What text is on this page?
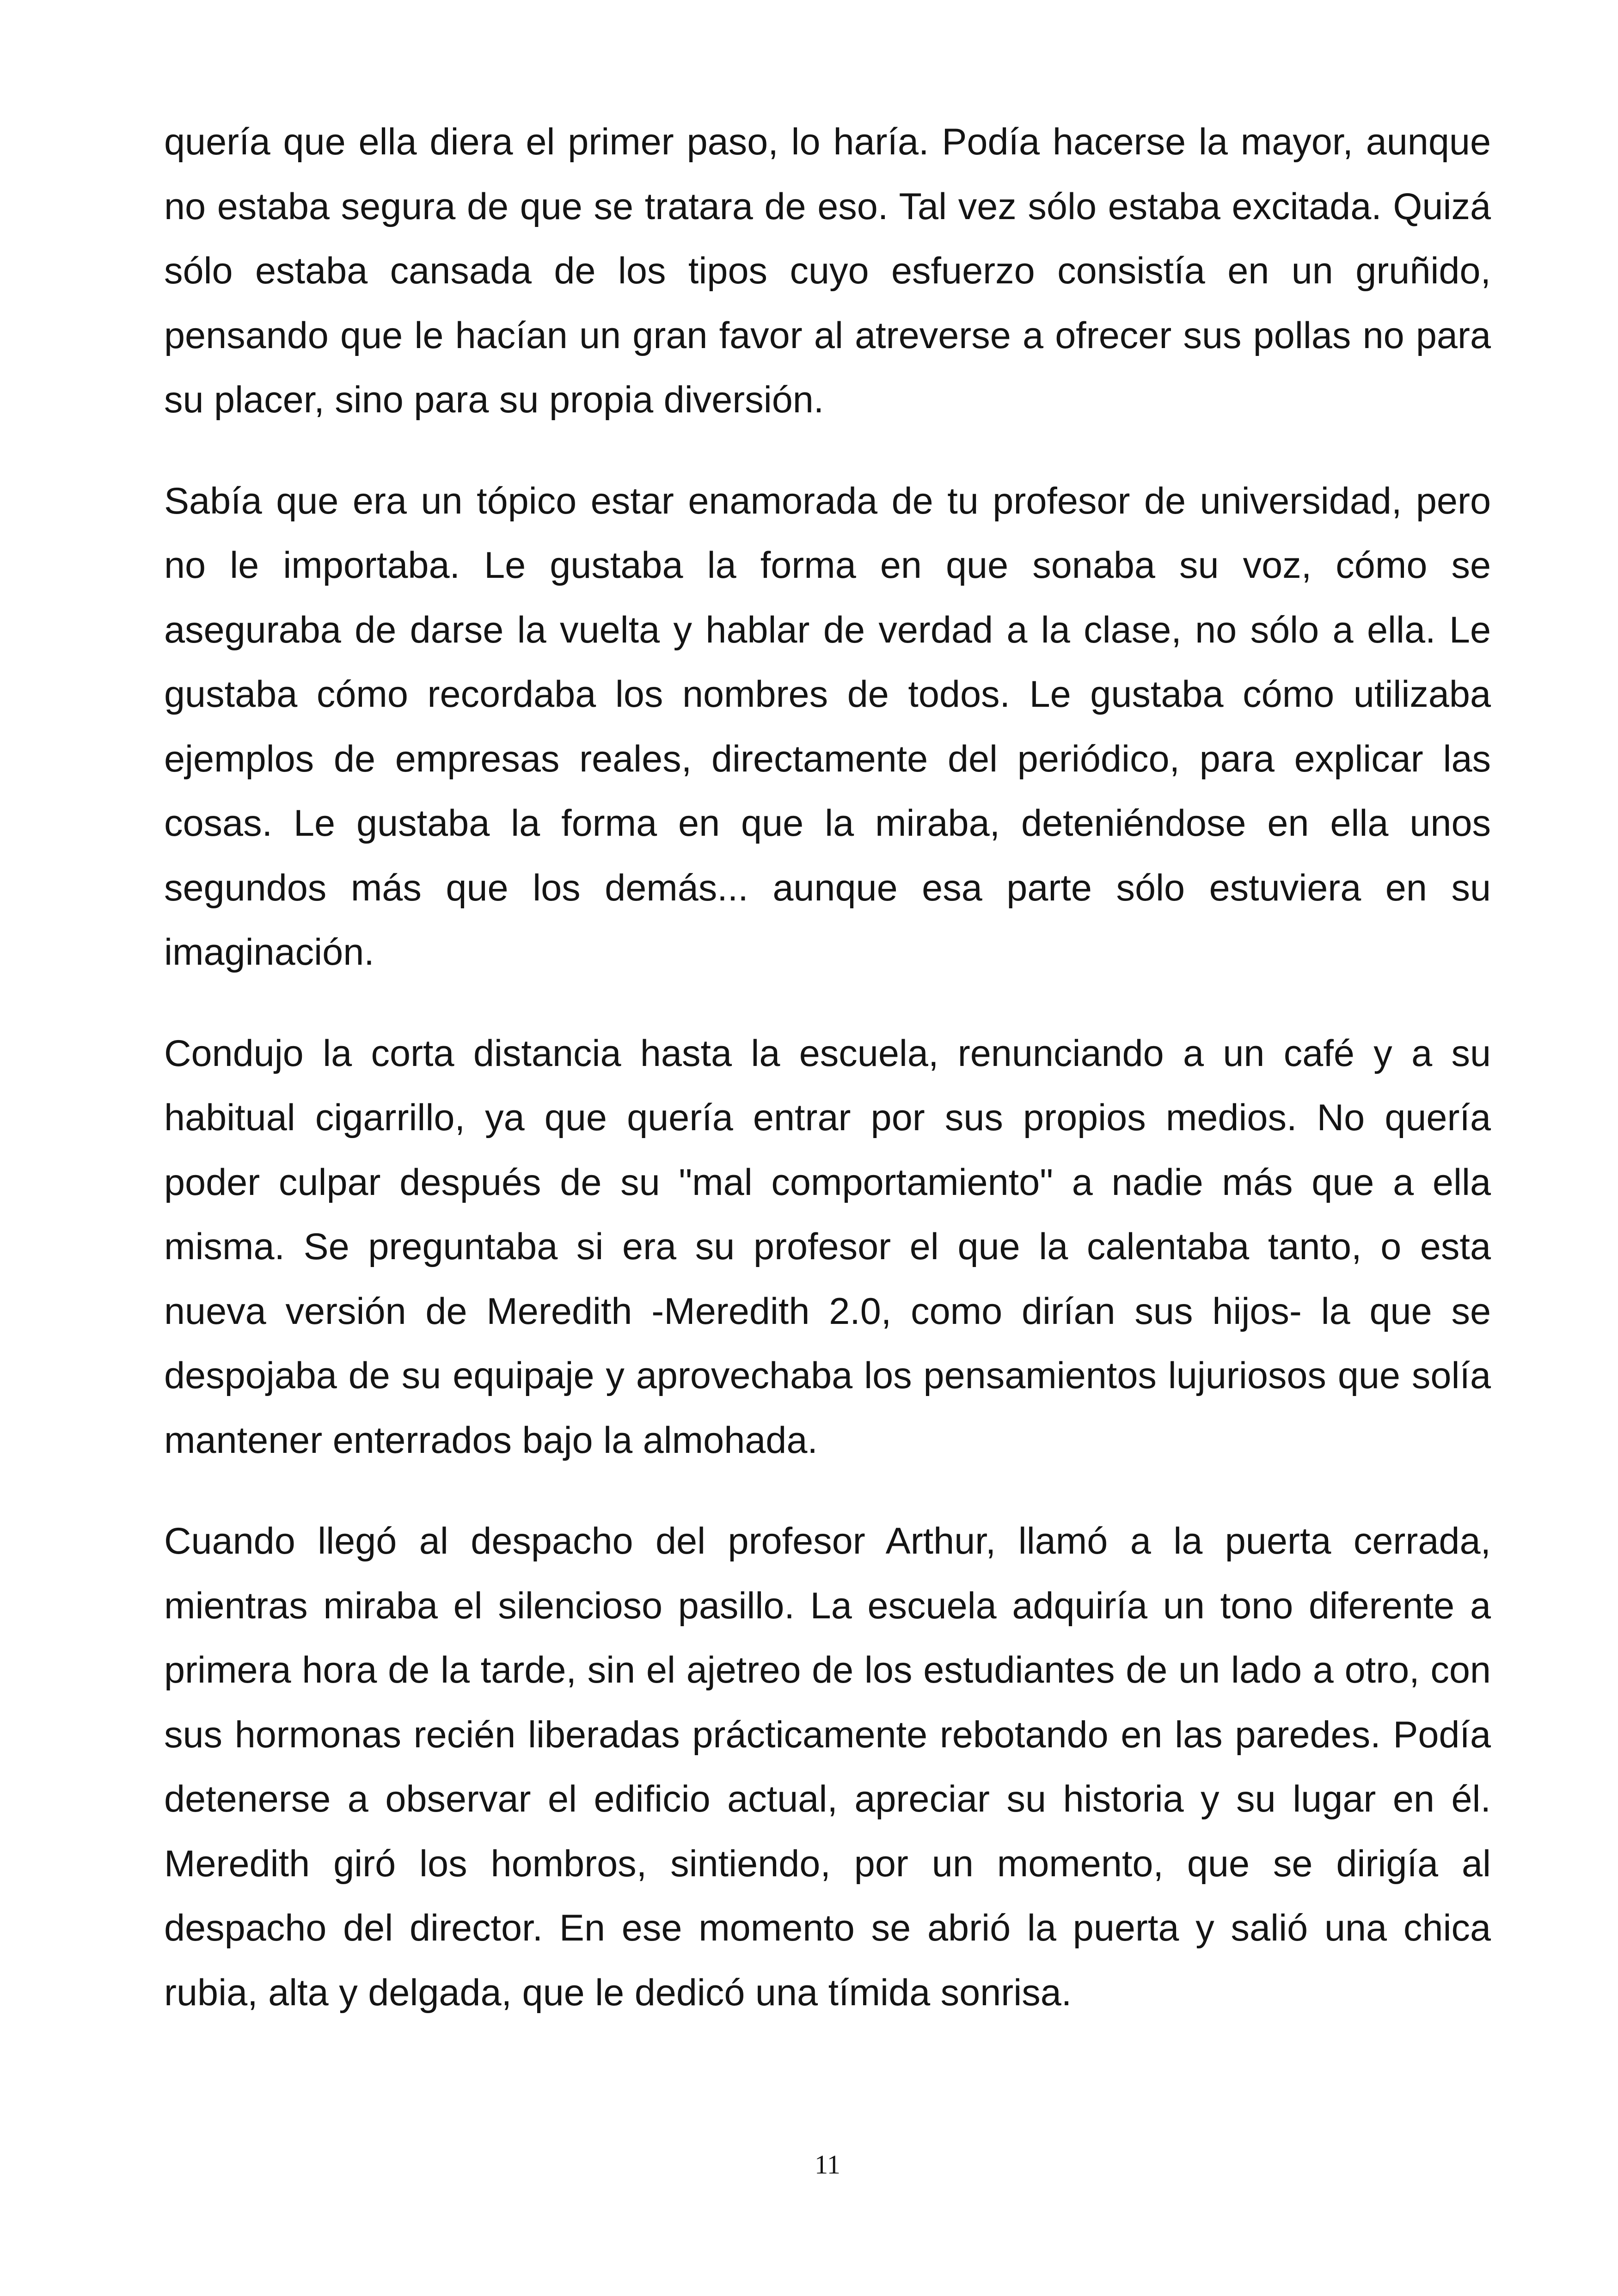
quería que ella diera el primer paso, lo haría. Podía hacerse la mayor, aunque no estaba segura de que se tratara de eso. Tal vez sólo estaba excitada. Quizá sólo estaba cansada de los tipos cuyo esfuerzo consistía en un gruñido, pensando que le hacían un gran favor al atreverse a ofrecer sus pollas no para su placer, sino para su propia diversión.

Sabía que era un tópico estar enamorada de tu profesor de universidad, pero no le importaba. Le gustaba la forma en que sonaba su voz, cómo se aseguraba de darse la vuelta y hablar de verdad a la clase, no sólo a ella. Le gustaba cómo recordaba los nombres de todos. Le gustaba cómo utilizaba ejemplos de empresas reales, directamente del periódico, para explicar las cosas. Le gustaba la forma en que la miraba, deteniéndose en ella unos segundos más que los demás... aunque esa parte sólo estuviera en su imaginación.

Condujo la corta distancia hasta la escuela, renunciando a un café y a su habitual cigarrillo, ya que quería entrar por sus propios medios. No quería poder culpar después de su "mal comportamiento" a nadie más que a ella misma. Se preguntaba si era su profesor el que la calentaba tanto, o esta nueva versión de Meredith -Meredith 2.0, como dirían sus hijos- la que se despojaba de su equipaje y aprovechaba los pensamientos lujuriosos que solía mantener enterrados bajo la almohada.

Cuando llegó al despacho del profesor Arthur, llamó a la puerta cerrada, mientras miraba el silencioso pasillo. La escuela adquiría un tono diferente a primera hora de la tarde, sin el ajetreo de los estudiantes de un lado a otro, con sus hormonas recién liberadas prácticamente rebotando en las paredes. Podía detenerse a observar el edificio actual, apreciar su historia y su lugar en él. Meredith giró los hombros, sintiendo, por un momento, que se dirigía al despacho del director. En ese momento se abrió la puerta y salió una chica rubia, alta y delgada, que le dedicó una tímida sonrisa.

11
